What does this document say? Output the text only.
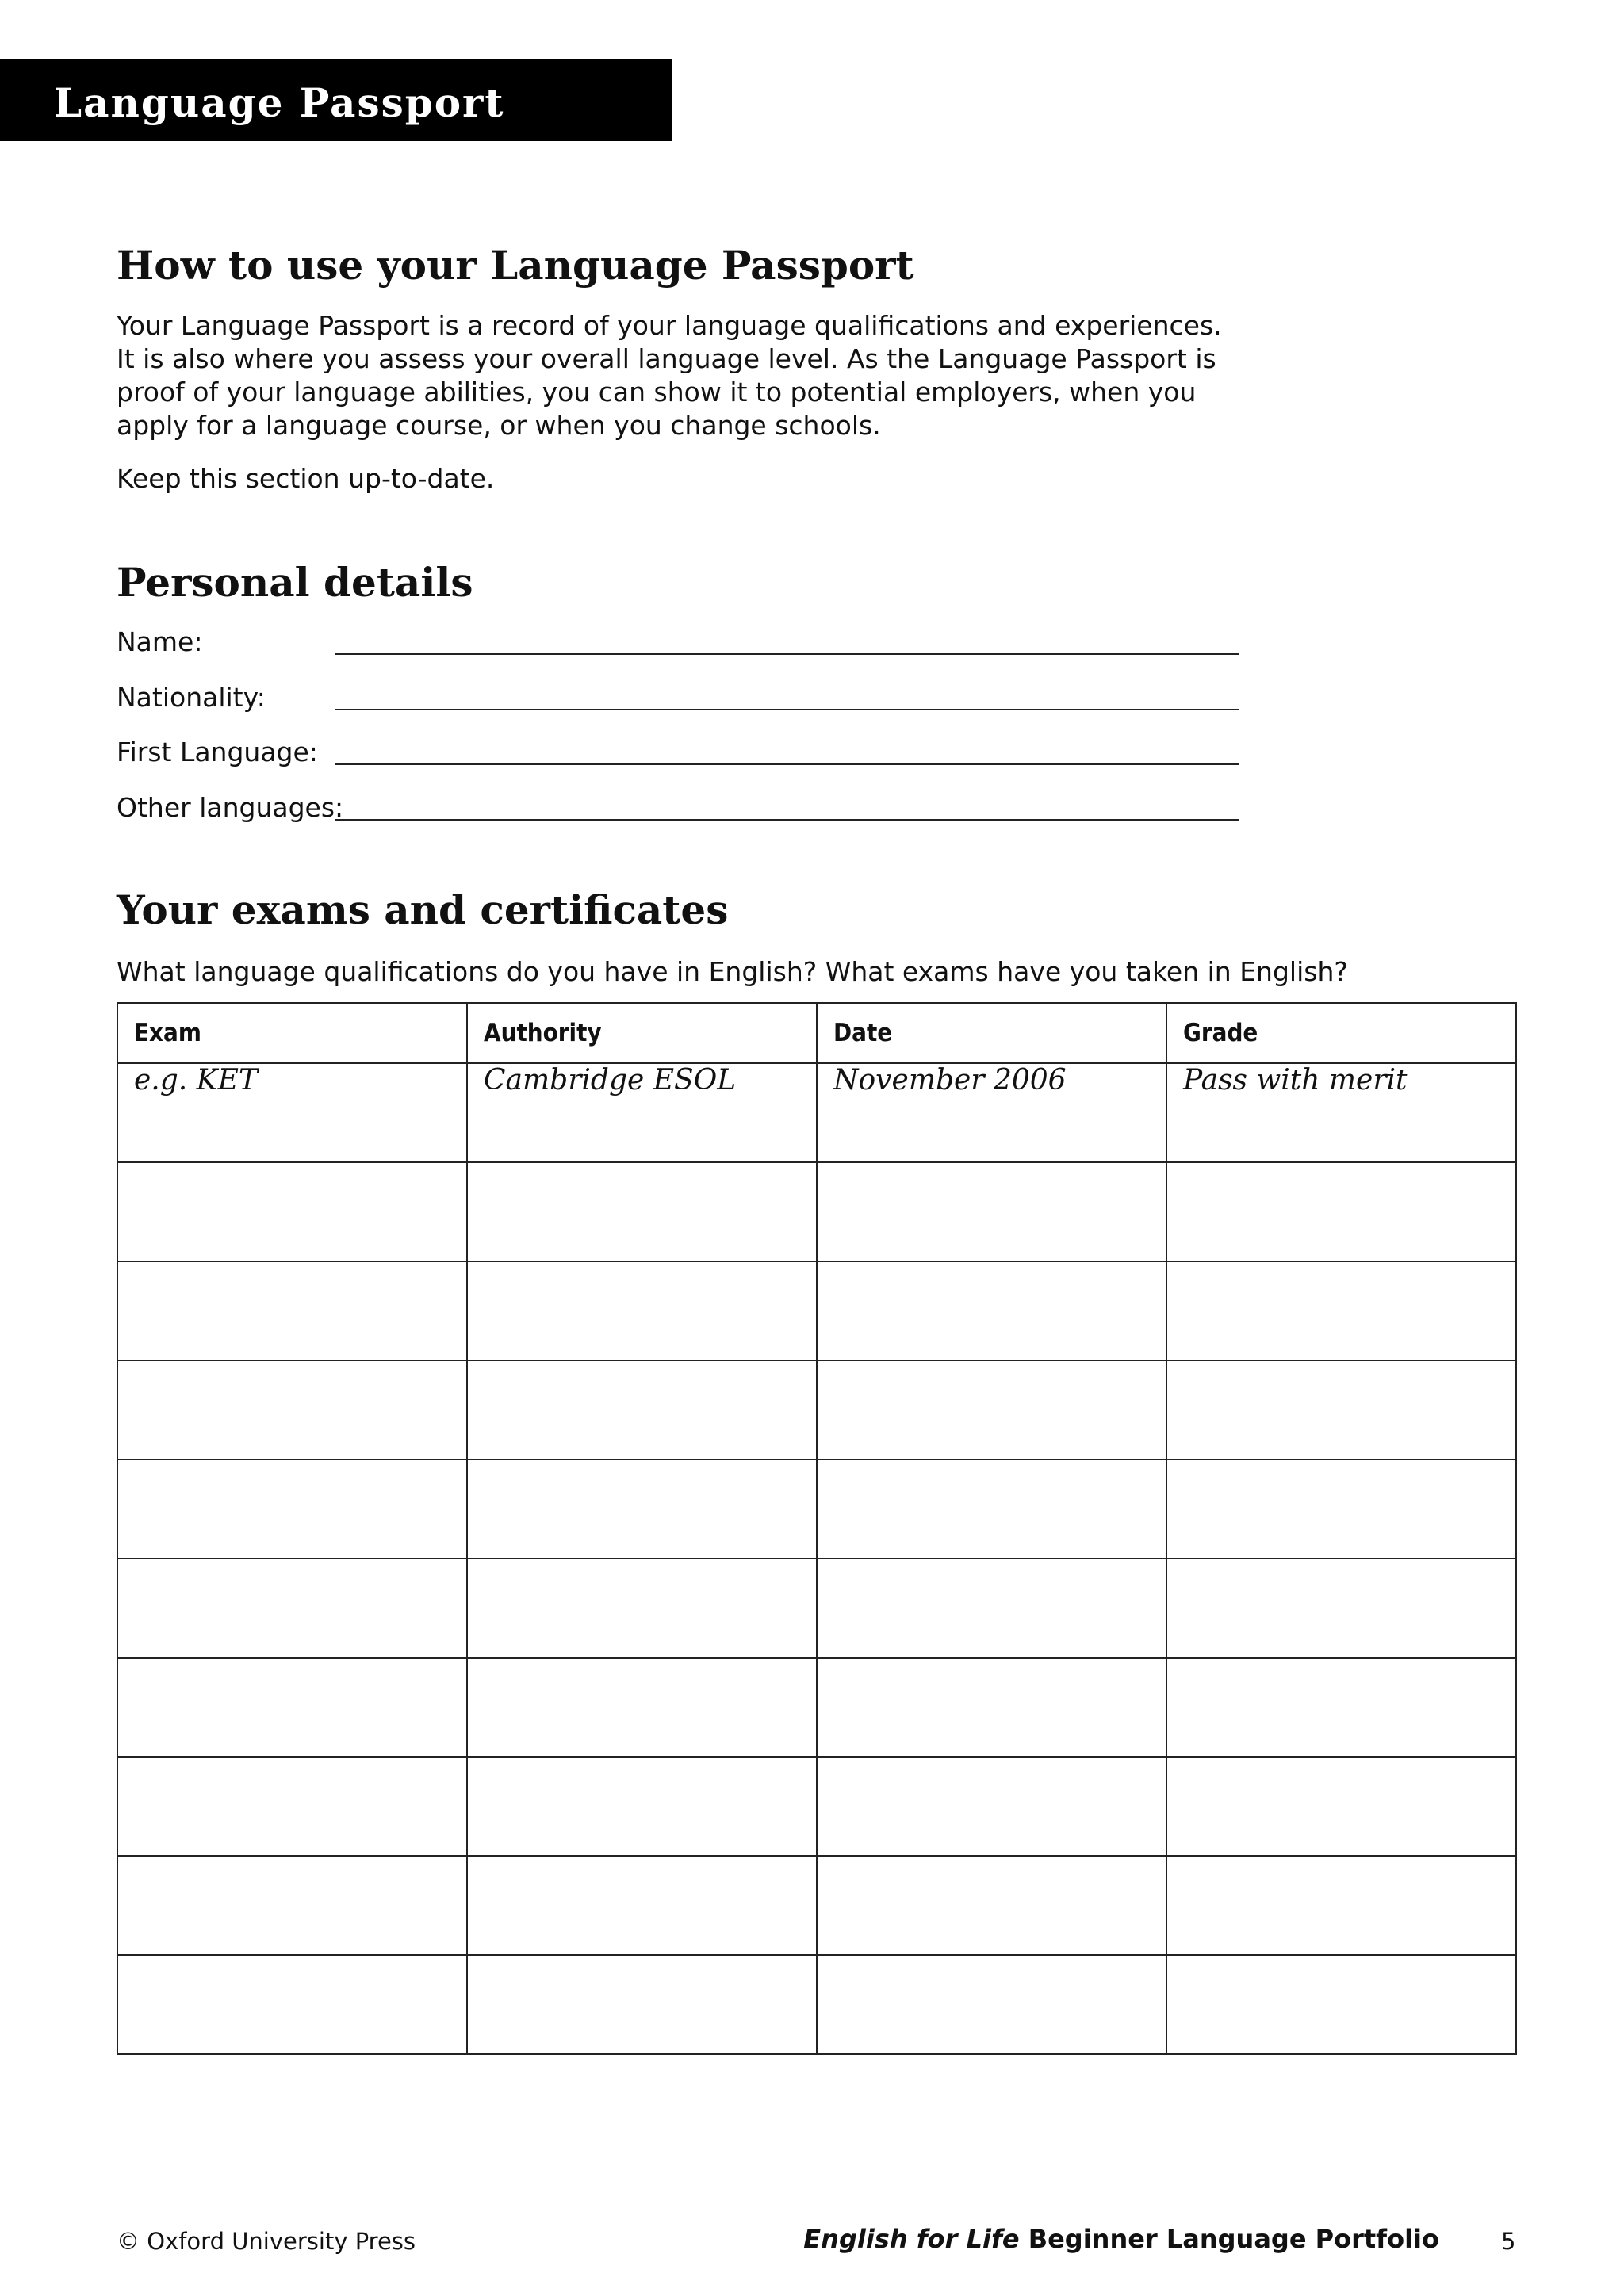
Language Passport
How to use your Language Passport

Your Language Passport is a record of your language qualifications and experiences. It is also where you assess your overall language level. As the Language Passport is proof of your language abilities, you can show it to potential employers, when you apply for a language course, or when you change schools.

Keep this section up-to-date.

Personal details
Name:
Nationality:
First Language:
Other languages:
Your exams and certificates

What language qualifications do you have in English? What exams have you taken in English?

Exam	Authority	Date	Grade
e.g. KET	Cambridge ESOL	November 2006	Pass with merit

© Oxford University Press	English for Life Beginner Language Portfolio	5
